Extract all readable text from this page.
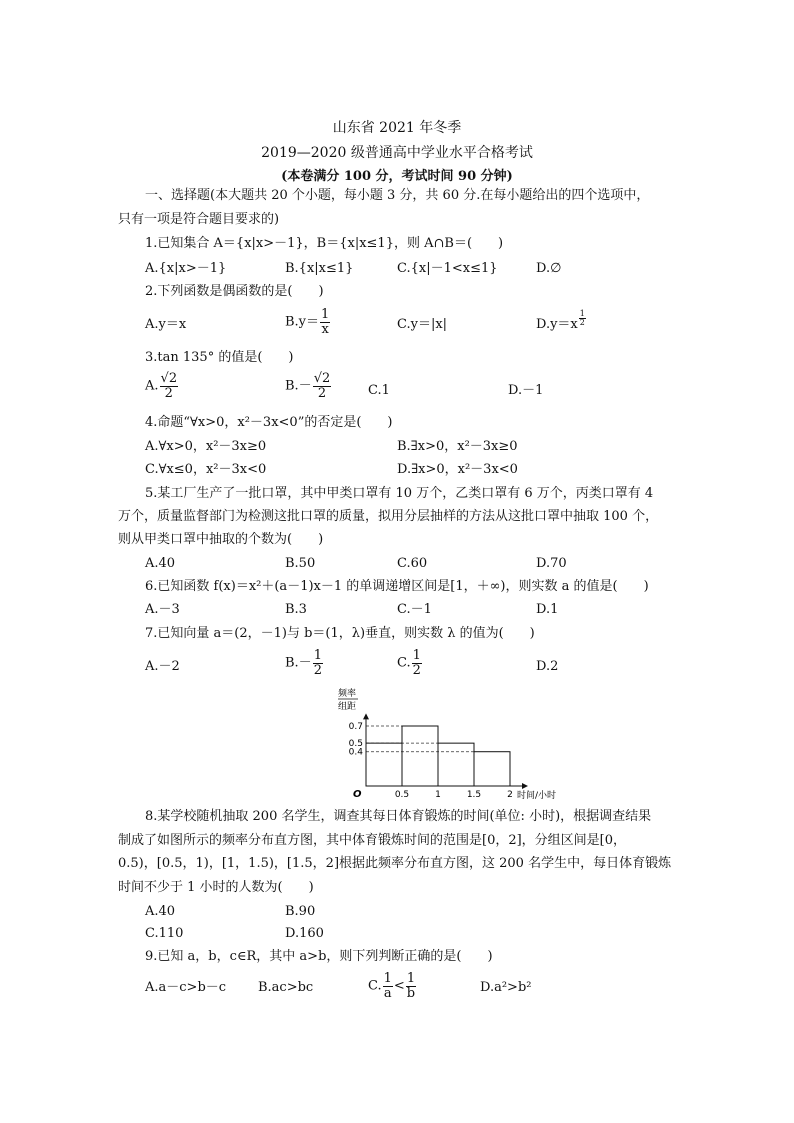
山东省 2021 年冬季
2019—2020 级普通高中学业水平合格考试
(本卷满分 100 分，考试时间 90 分钟)
一、选择题(本大题共 20 个小题，每小题 3 分，共 60 分.在每小题给出的四个选项中，
只有一项是符合题目要求的)
1.已知集合 A＝{x|x>－1}，B＝{x|x≤1}，则 A∩B＝(　　)
A.{x|x>－1}	B.{x|x≤1}	C.{x|－1<x≤1}	D.∅
2.下列函数是偶函数的是(　　)
A.y＝x	$B.y= \frac{1}{x}$	C.y＝|x|	$D.y=x \frac{1}{2}$
3.tan 135° 的值是(　　)
A. $\frac{√2}{2}$	$B.- \frac{√2}{2}$	C.1	D.－1
4.命题“∀x>0，x²－3x<0”的否定是(　　)
A.∀x>0，x²－3x≥0	B.∃x>0，x²－3x≥0
C.∀x≤0，x²－3x<0	D.∃x>0，x²－3x<0
5.某工厂生产了一批口罩，其中甲类口罩有 10 万个，乙类口罩有 6 万个，丙类口罩有 4
万个，质量监督部门为检测这批口罩的质量，拟用分层抽样的方法从这批口罩中抽取 100 个，
则从甲类口罩中抽取的个数为(　　)
A.40	B.50	C.60	D.70
6.已知函数 f(x)＝x²＋(a－1)x－1 的单调递增区间是[1，＋∞)，则实数 a 的值是(　　)
A.－3	B.3	C.－1	D.1
7.已知向量 a＝(2，－1)与 b＝(1，λ)垂直，则实数 λ 的值为(　　)
A.－2	$B.- \frac{1}{2}$	C. $\frac{1}{2}$	D.2
0.7
0.5
0.4
0.5	1	1.5	2
O	时间/小时
频率
组距
8.某学校随机抽取 200 名学生，调查其每日体育锻炼的时间(单位: 小时)，根据调查结果
制成了如图所示的频率分布直方图，其中体育锻炼时间的范围是[0，2]，分组区间是[0，
0.5)，[0.5，1)，[1，1.5)，[1.5，2]根据此频率分布直方图，这 200 名学生中，每日体育锻炼
时间不少于 1 小时的人数为(　　)
A.40	B.90
C.110	D.160
9.已知 a，b，c∈R，其中 a>b，则下列判断正确的是(　　)
A.a－c>b－c B.ac>bc	C. $\frac{1}{a} < \frac{1}{b}$	D.a²>b²
